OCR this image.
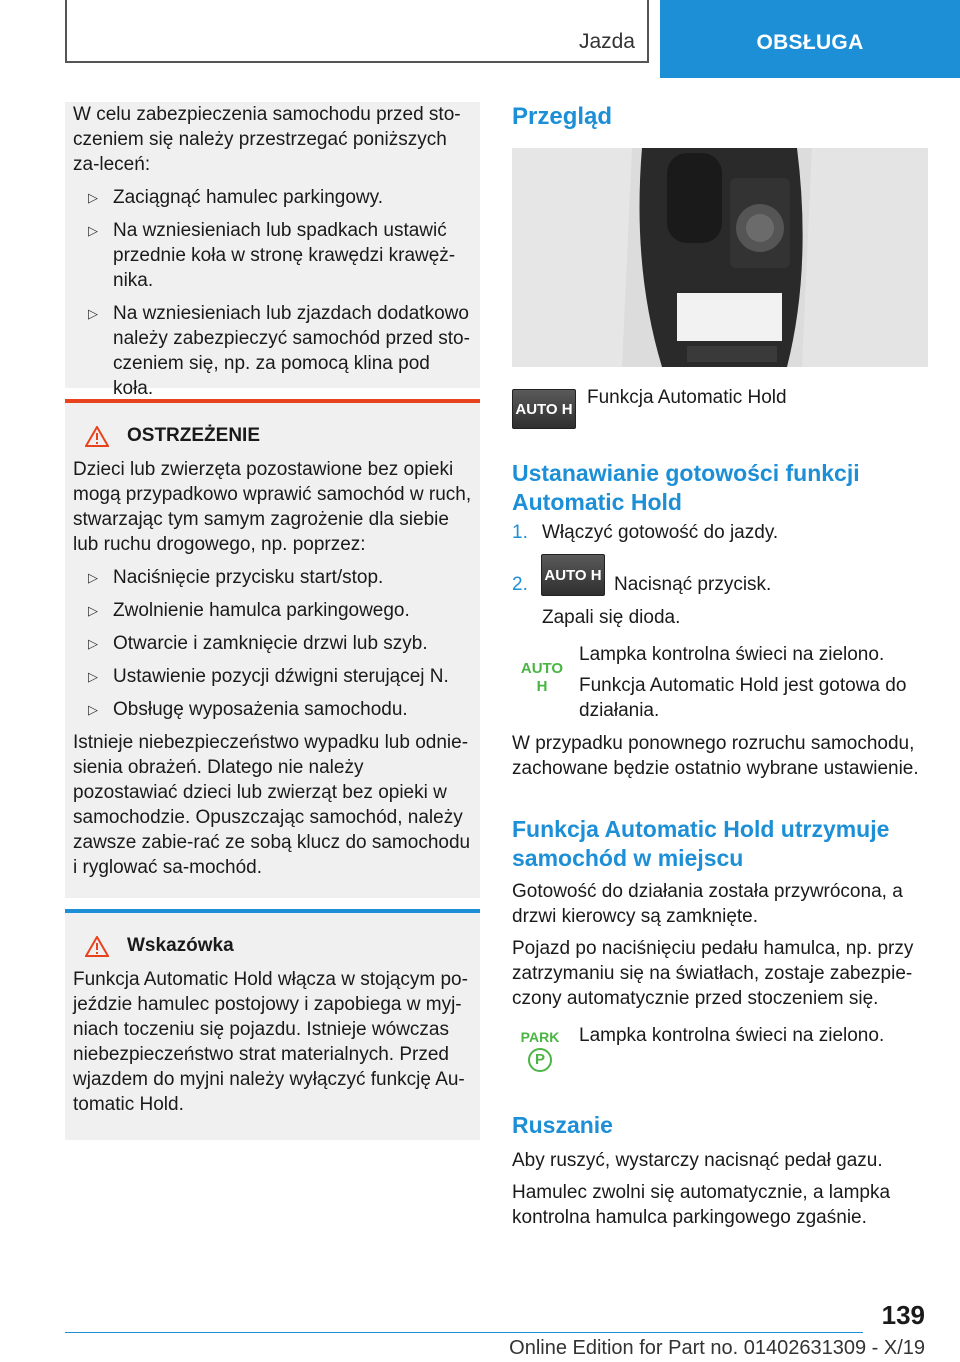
Jazda	OBSŁUGA

W celu zabezpieczenia samochodu przed sto-czeniem się należy przestrzegać poniższych za-leceń:

▷ Zaciągnąć hamulec parkingowy.
▷ Na wzniesieniach lub spadkach ustawić przednie koła w stronę krawędzi krawęż-nika.
▷ Na wzniesieniach lub zjazdach dodatkowo należy zabezpieczyć samochód przed sto-czeniem się, np. za pomocą klina pod koła.
OSTRZEŻENIE

Dzieci lub zwierzęta pozostawione bez opieki mogą przypadkowo wprawić samochód w ruch, stwarzając tym samym zagrożenie dla siebie lub ruchu drogowego, np. poprzez:

▷ Naciśnięcie przycisku start/stop.
▷ Zwolnienie hamulca parkingowego.
▷ Otwarcie i zamknięcie drzwi lub szyb.
▷ Ustawienie pozycji dźwigni sterującej N.
▷ Obsługę wyposażenia samochodu.

Istnieje niebezpieczeństwo wypadku lub odnie-sienia obrażeń. Dlatego nie należy pozostawiać dzieci lub zwierząt bez opieki w samochodzie. Opuszczając samochód, należy zawsze zabie-rać ze sobą klucz do samochodu i ryglować sa-mochód.

Wskazówka

Funkcja Automatic Hold włącza w stojącym po-jeździe hamulec postojowy i zapobiega w myj-niach toczeniu się pojazdu. Istnieje wówczas niebezpieczeństwo strat materialnych. Przed wjazdem do myjni należy wyłączyć funkcję Au-tomatic Hold.

Przegląd

AUTO H

Funkcja Automatic Hold

Ustanawianie gotowości funkcji Automatic Hold

1. Włączyć gotowość do jazdy.

2. AUTO H Nacisnąć przycisk.

Zapali się dioda.

AUTO H

Lampka kontrolna świeci na zielono.

Funkcja Automatic Hold jest gotowa do działania.

W przypadku ponownego rozruchu samochodu, zachowane będzie ostatnio wybrane ustawienie.

Funkcja Automatic Hold utrzymuje samochód w miejscu

Gotowość do działania została przywrócona, a drzwi kierowcy są zamknięte.

Pojazd po naciśnięciu pedału hamulca, np. przy zatrzymaniu się na światłach, zostaje zabezpie-czony automatycznie przed stoczeniem się.

PARK
P

Lampka kontrolna świeci na zielono.

Ruszanie

Aby ruszyć, wystarczy nacisnąć pedał gazu.

Hamulec zwolni się automatycznie, a lampka kontrolna hamulca parkingowego zgaśnie.

139
Online Edition for Part no. 01402631309 - X/19
